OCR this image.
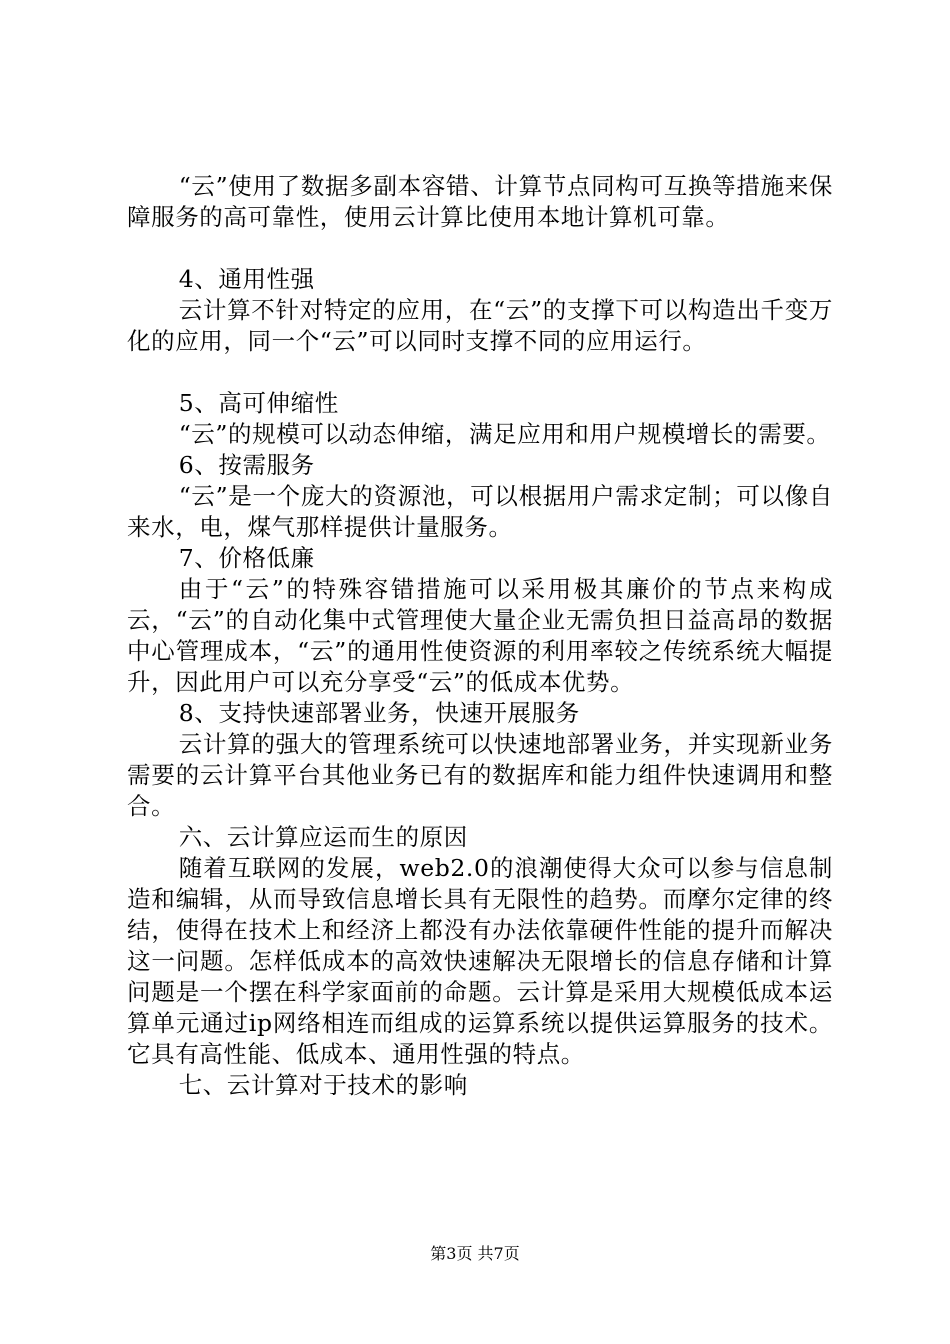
“云”使用了数据多副本容错、计算节点同构可互换等措施来保障服务的高可靠性，使用云计算比使用本地计算机可靠。

4、通用性强

云计算不针对特定的应用，在“云”的支撑下可以构造出千变万化的应用，同一个“云”可以同时支撑不同的应用运行。

5、高可伸缩性

“云”的规模可以动态伸缩，满足应用和用户规模增长的需要。

6、按需服务

“云”是一个庞大的资源池，可以根据用户需求定制；可以像自来水，电，煤气那样提供计量服务。

7、价格低廉

由于“云”的特殊容错措施可以采用极其廉价的节点来构成云，“云”的自动化集中式管理使大量企业无需负担日益高昂的数据中心管理成本，“云”的通用性使资源的利用率较之传统系统大幅提升，因此用户可以充分享受“云”的低成本优势。

8、支持快速部署业务，快速开展服务

云计算的强大的管理系统可以快速地部署业务，并实现新业务需要的云计算平台其他业务已有的数据库和能力组件快速调用和整合。

六、云计算应运而生的原因

随着互联网的发展，web2.0的浪潮使得大众可以参与信息制造和编辑，从而导致信息增长具有无限性的趋势。而摩尔定律的终结，使得在技术上和经济上都没有办法依靠硬件性能的提升而解决这一问题。怎样低成本的高效快速解决无限增长的信息存储和计算问题是一个摆在科学家面前的命题。云计算是采用大规模低成本运算单元通过ip网络相连而组成的运算系统以提供运算服务的技术。它具有高性能、低成本、通用性强的特点。

七、云计算对于技术的影响

第3页 共7页
